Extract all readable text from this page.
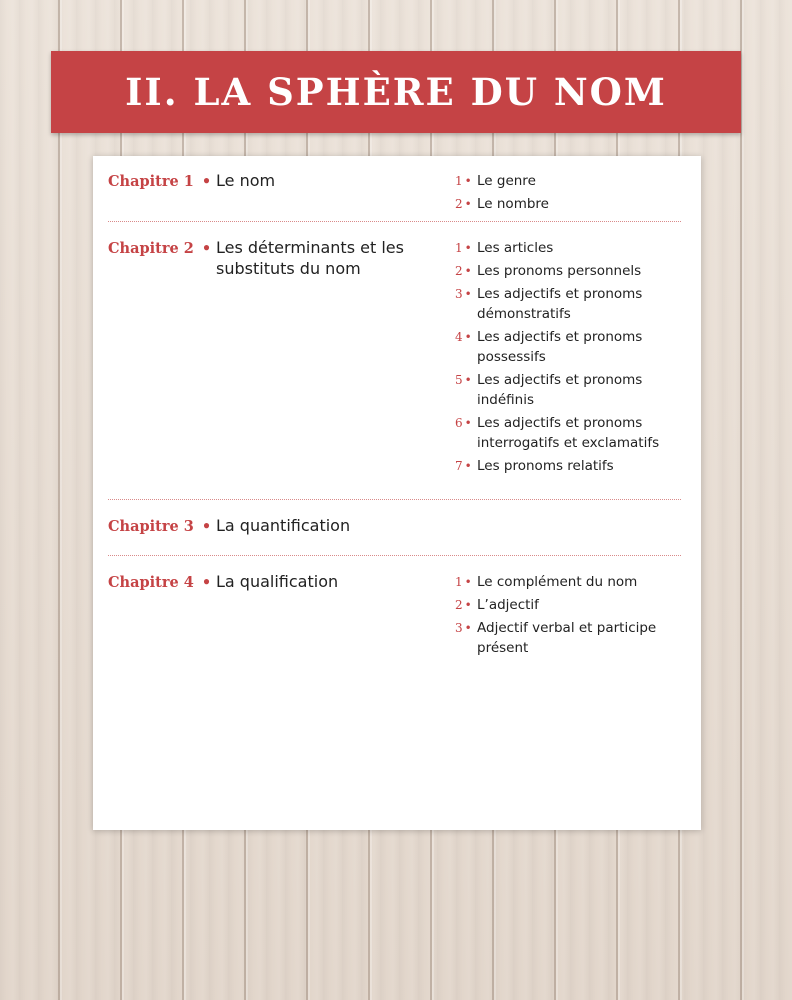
II. LA SPHÈRE DU NOM
Chapitre 1 • Le nom	1 • Le genre
2 • Le nombre
Chapitre 2 • Les déterminants et les substituts du nom
1 • Les articles
2 • Les pronoms personnels
3 • Les adjectifs et pronoms démonstratifs
4 • Les adjectifs et pronoms possessifs
5 • Les adjectifs et pronoms indéfinis
6 • Les adjectifs et pronoms interrogatifs et exclamatifs
7 • Les pronoms relatifs
Chapitre 3 • La quantification
Chapitre 4 • La qualification	1 • Le complément du nom
2 • L’adjectif
3 • Adjectif verbal et participe présent
